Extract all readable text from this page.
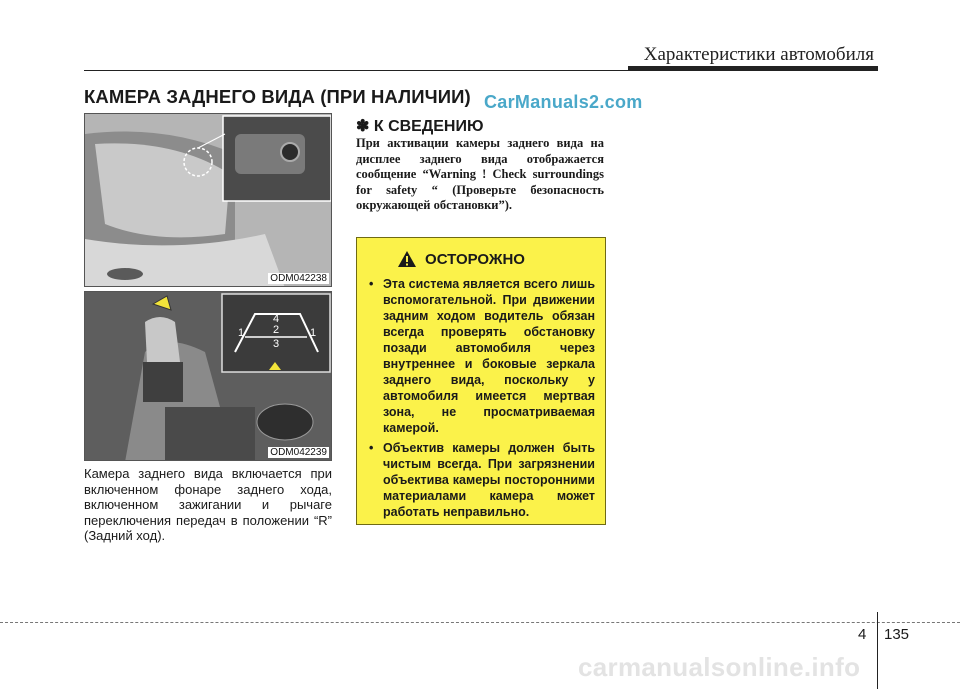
Характеристики автомобиля
КАМЕРА ЗАДНЕГО ВИДА (ПРИ НАЛИЧИИ) CarManuals2.com
ODM042238
4
1	2	1
3
ODM042239
Камера заднего вида включается при включенном фонаре заднего хода, включенном зажигании и рычаге переключения передач в положении “R” (Задний ход).
✽ К СВЕДЕНИЮ
При активации камеры заднего вида на дисплее заднего вида отображается сообщение “Warning ! Check surroundings for safety “ (Проверьте безопасность окружающей обстановки”).
ОСТОРОЖНО
• Эта система является всего лишь вспомогательной. При движении задним ходом водитель обязан всегда проверять обстановку позади автомобиля через внутреннее и боковые зеркала заднего вида, поскольку у автомобиля имеется мертвая зона, не просматриваемая камерой.
• Объектив камеры должен быть чистым всегда. При загрязнении объектива камеры посторонними материалами камера может работать неправильно.
4 135
carmanualsonline.info
